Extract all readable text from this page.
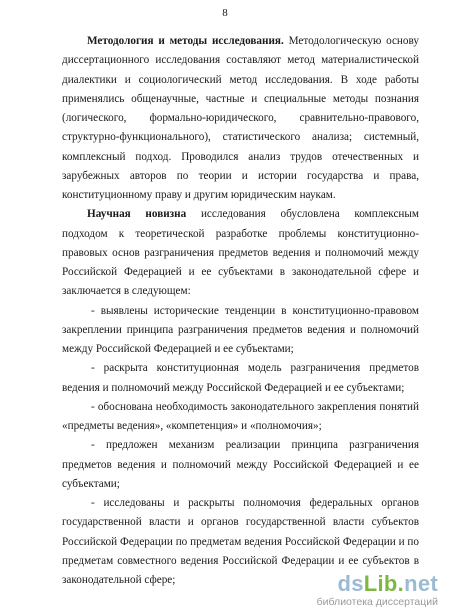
8

Методология и методы исследования. Методологическую основу диссертационного исследования составляют метод материалистической диалектики и социологический метод исследования. В ходе работы применялись общенаучные, частные и специальные методы познания (логического, формально-юридического, сравнительно-правового, структурно-функционального), статистического анализа; системный, комплексный подход. Проводился анализ трудов отечественных и зарубежных авторов по теории и истории государства и права, конституционному праву и другим юридическим наукам.

Научная новизна исследования обусловлена комплексным подходом к теоретической разработке проблемы конституционно-правовых основ разграничения предметов ведения и полномочий между Российской Федерацией и ее субъектами в законодательной сфере и заключается в следующем:

- выявлены исторические тенденции в конституционно-правовом закреплении принципа разграничения предметов ведения и полномочий между Российской Федерацией и ее субъектами;

- раскрыта конституционная модель разграничения предметов ведения и полномочий между Российской Федерацией и ее субъектами;

- обоснована необходимость законодательного закрепления понятий «предметы ведения», «компетенция» и «полномочия»;

- предложен механизм реализации принципа разграничения предметов ведения и полномочий между Российской Федерацией и ее субъектами;

- исследованы и раскрыты полномочия федеральных органов государственной власти и органов государственной власти субъектов Российской Федерации по предметам ведения Российской Федерации и по предметам совместного ведения Российской Федерации и ее субъектов в законодательной сфере;	dsLib.net
библиотека диссертаций
